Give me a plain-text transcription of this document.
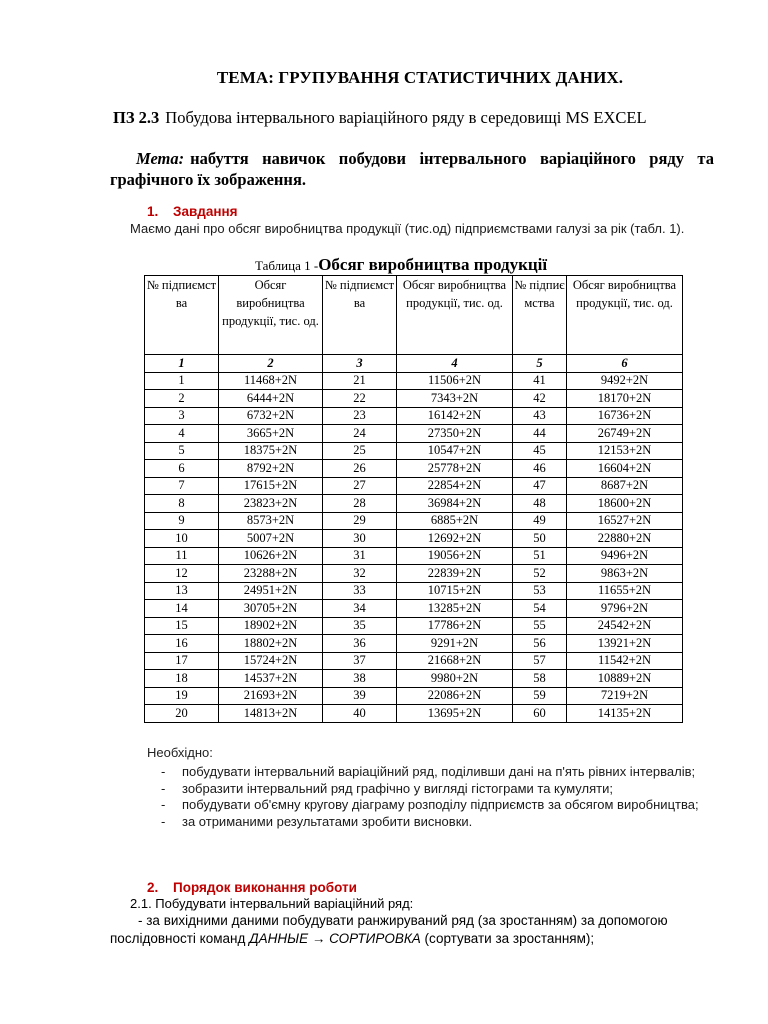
ТЕМА: ГРУПУВАННЯ СТАТИСТИЧНИХ ДАНИХ.
ПЗ 2.3 Побудова інтервального варіаційного ряду в середовищі MS EXCEL
Мета: набуття навичок побудови інтервального варіаційного ряду та графічного їх зображення.
1. Завдання
Маємо дані про обсяг виробництва продукції (тис.од) підприємствами галузі за рік (табл. 1).
Таблица 1 -Обсяг виробництва продукції
№ підпиємст ва	Обсяг виробництва продукції, тис. од.	№ підпиємст ва	Обсяг виробництва продукції, тис. од.	№ підпиє мства	Обсяг виробництва продукції, тис. од.
1	2	3	4	5	6
1	11468+2N	21	11506+2N	41	9492+2N
2	6444+2N	22	7343+2N	42	18170+2N
3	6732+2N	23	16142+2N	43	16736+2N
4	3665+2N	24	27350+2N	44	26749+2N
5	18375+2N	25	10547+2N	45	12153+2N
6	8792+2N	26	25778+2N	46	16604+2N
7	17615+2N	27	22854+2N	47	8687+2N
8	23823+2N	28	36984+2N	48	18600+2N
9	8573+2N	29	6885+2N	49	16527+2N
10	5007+2N	30	12692+2N	50	22880+2N
11	10626+2N	31	19056+2N	51	9496+2N
12	23288+2N	32	22839+2N	52	9863+2N
13	24951+2N	33	10715+2N	53	11655+2N
14	30705+2N	34	13285+2N	54	9796+2N
15	18902+2N	35	17786+2N	55	24542+2N
16	18802+2N	36	9291+2N	56	13921+2N
17	15724+2N	37	21668+2N	57	11542+2N
18	14537+2N	38	9980+2N	58	10889+2N
19	21693+2N	39	22086+2N	59	7219+2N
20	14813+2N	40	13695+2N	60	14135+2N
Необхідно:
- побудувати інтервальний варіаційний ряд, поділивши дані на п'ять рівних інтервалів;
- зобразити інтервальний ряд графічно у вигляді гістограми та кумуляти;
- побудувати об'ємну кругову діаграму розподілу підприємств за обсягом виробництва;
- за отриманими результатами зробити висновки.
2. Порядок виконання роботи
2.1. Побудувати інтервальний варіаційний ряд:
- за вихідними даними побудувати ранжируваний ряд (за зростанням) за допомогою послідовності команд ДАННЫЕ → СОРТИРОВКА (сортувати за зростанням);
